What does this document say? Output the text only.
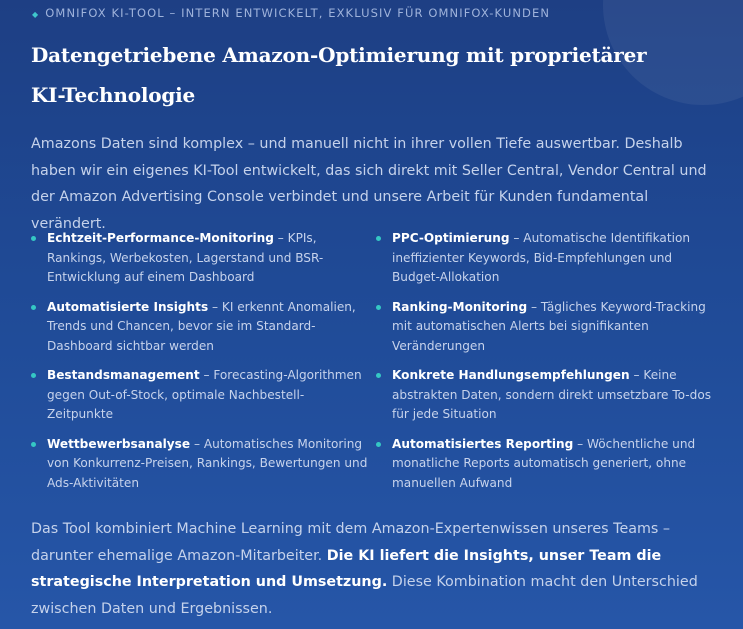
◆ OMNIFOX KI-TOOL – INTERN ENTWICKELT, EXKLUSIV FÜR OMNIFOX-KUNDEN
Datengetriebene Amazon-Optimierung mit proprietärer KI-Technologie

Amazons Daten sind komplex – und manuell nicht in ihrer vollen Tiefe auswertbar. Deshalb haben wir ein eigenes KI-Tool entwickelt, das sich direkt mit Seller Central, Vendor Central und der Amazon Advertising Console verbindet und unsere Arbeit für Kunden fundamental verändert.

Echtzeit-Performance-Monitoring – KPIs, Rankings, Werbekosten, Lagerstand und BSR-Entwicklung auf einem Dashboard
PPC-Optimierung – Automatische Identifikation ineffizienter Keywords, Bid-Empfehlungen und Budget-Allokation
Automatisierte Insights – KI erkennt Anomalien, Trends und Chancen, bevor sie im Standard-Dashboard sichtbar werden
Ranking-Monitoring – Tägliches Keyword-Tracking mit automatischen Alerts bei signifikanten Veränderungen
Bestandsmanagement – Forecasting-Algorithmen gegen Out-of-Stock, optimale Nachbestell-Zeitpunkte
Konkrete Handlungsempfehlungen – Keine abstrakten Daten, sondern direkt umsetzbare To-dos für jede Situation
Wettbewerbsanalyse – Automatisches Monitoring von Konkurrenz-Preisen, Rankings, Bewertungen und Ads-Aktivitäten
Automatisiertes Reporting – Wöchentliche und monatliche Reports automatisch generiert, ohne manuellen Aufwand

Das Tool kombiniert Machine Learning mit dem Amazon-Expertenwissen unseres Teams – darunter ehemalige Amazon-Mitarbeiter. Die KI liefert die Insights, unser Team die strategische Interpretation und Umsetzung. Diese Kombination macht den Unterschied zwischen Daten und Ergebnissen.
